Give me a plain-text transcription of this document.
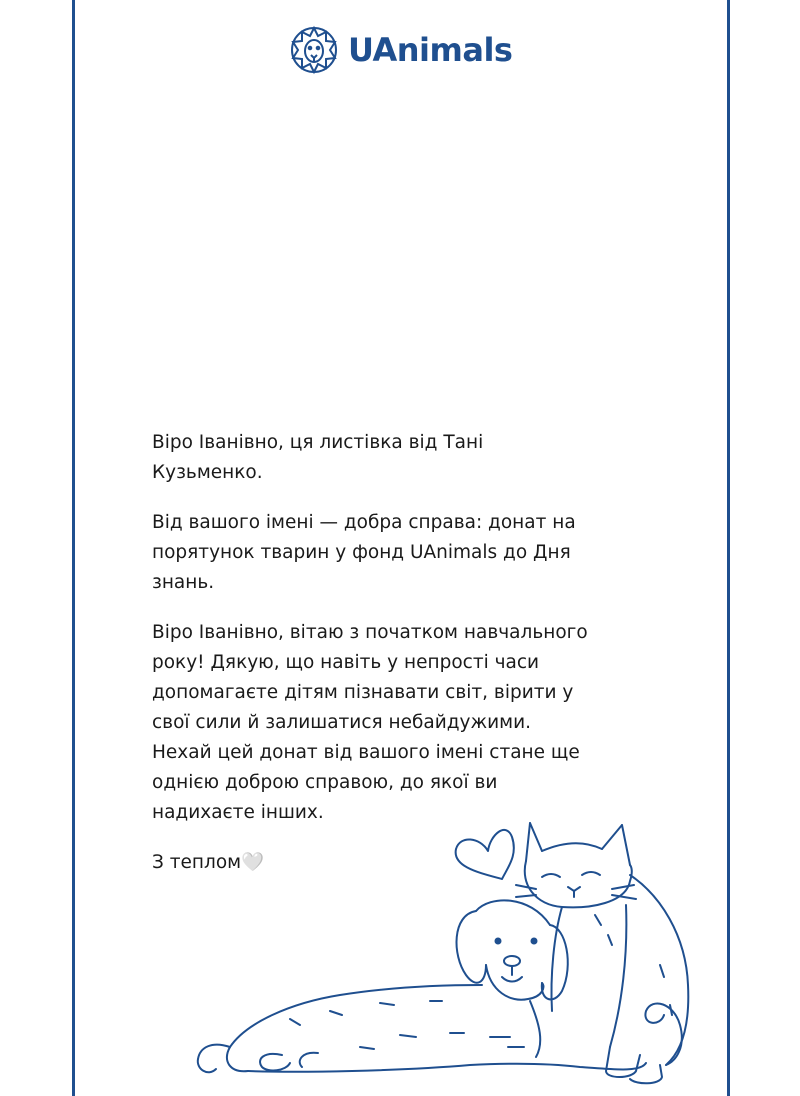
UAnimals

Віро Іванівно, ця листівка від Тані Кузьменко.

Від вашого імені — добра справа: донат на порятунок тварин у фонд UAnimals до Дня знань.

Віро Іванівно, вітаю з початком навчального року! Дякую, що навіть у непрості часи допомагаєте дітям пізнавати світ, вірити у свої сили й залишатися небайдужими. Нехай цей донат від вашого імені стане ще однією доброю справою, до якої ви надихаєте інших.

З теплом🤍
